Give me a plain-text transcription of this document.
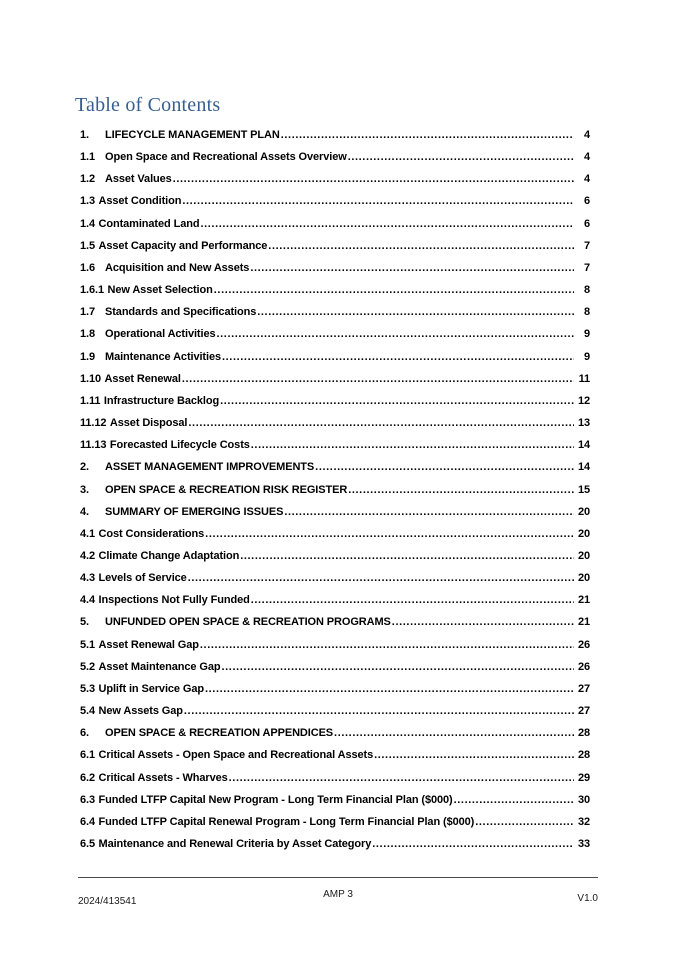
Table of Contents
1.	LIFECYCLE MANAGEMENT PLAN .....	4
1.1 Open Space and Recreational Assets Overview .....	4
1.2 Asset Values .....	4
1.3 Asset Condition .....	6
1.4 Contaminated Land .....	6
1.5 Asset Capacity and Performance .....	7
1.6 Acquisition and New Assets .....	7
1.6.1 New Asset Selection .....	8
1.7 Standards and Specifications .....	8
1.8 Operational Activities .....	9
1.9 Maintenance Activities .....	9
1.10 Asset Renewal .....	11
1.11 Infrastructure Backlog .....	12
11.12 Asset Disposal .....	13
11.13 Forecasted Lifecycle Costs .....	14
2.	ASSET MANAGEMENT IMPROVEMENTS .....	14
3.	OPEN SPACE & RECREATION RISK REGISTER .....	15
4.	SUMMARY OF EMERGING ISSUES .....	20
4.1 Cost Considerations .....	20
4.2 Climate Change Adaptation .....	20
4.3 Levels of Service .....	20
4.4 Inspections Not Fully Funded .....	21
5.	UNFUNDED OPEN SPACE & RECREATION PROGRAMS .....	21
5.1 Asset Renewal Gap .....	26
5.2 Asset Maintenance Gap .....	26
5.3 Uplift in Service Gap .....	27
5.4 New Assets Gap .....	27
6.	OPEN SPACE & RECREATION APPENDICES .....	28
6.1 Critical Assets - Open Space and Recreational Assets .....	28
6.2 Critical Assets - Wharves .....	29
6.3 Funded LTFP Capital New Program - Long Term Financial Plan ($000) .....	30
6.4 Funded LTFP Capital Renewal Program - Long Term Financial Plan ($000) .....	32
6.5 Maintenance and Renewal Criteria by Asset Category .....	33
AMP 3
2024/413541	V1.0
